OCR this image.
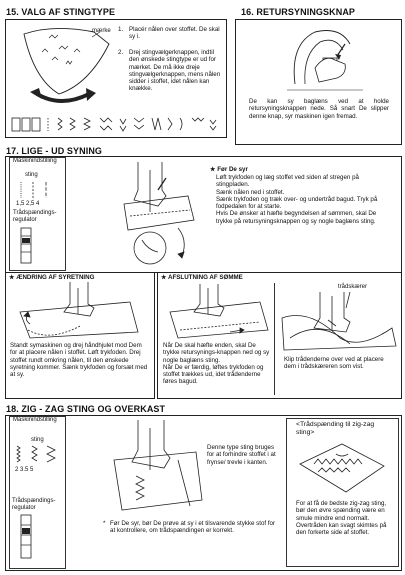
15. VALG AF STINGTYPE
mærke 1. Placér nålen over stoffet. De skal sy i.
2. Drej stingvælgerknappen, indtil den ønskede stingtype er ud for mærket. De må ikke dreje stingvælgerknappen, mens nålen sidder i stoffet, idet nålen kan knække.
16. RETURSYNINGSKNAP
De kan sy baglæns ved at holde retursyningsknappen nede. Så snart De slipper denne knap, syr maskinen igen fremad.
17. LIGE - UD SYNING
Maskinindstilling
sting
1,5 2,5 4
Trådspændings-
regulator
★ Før De syr
Løft trykfoden og læg stoffet ved siden af stregen på stingpladen.
Sænk nålen ned i stoffet.
Sænk trykfoden og træk over- og undertråd bagud. Tryk på fodpedalen for at starte.
Hvis De ønsker at hæfte begyndelsen af sømmen, skal De trykke på retursyningsknappen og sy nogle baglæns sting.
★ ÆNDRING AF SYRETNING
Standt symaskinen og drej håndhjulet mod Dem for at placere nålen i stoffet. Løft trykfoden. Drej stoffet rundt omkring nålen, til den ønskede syretning kommer. Sænk trykfoden og forsæt med at sy.
★ AFSLUTNING AF SØMME
Når De skal hæfte enden, skal De trykke retursynings-knappen ned og sy nogle baglæns sting.
Når De er færdig, løftes trykfoden og stoffet trækkes ud, idet trådenderne føres bagud.
trådskærer
Klip trådenderne over ved at placere dem i trådskæreren som vist.
18. ZIG - ZAG STING OG OVERKAST
Maskinindstilling
sting
2 3.5 5
Trådspændings-
regulator
Denne type sting bruges for at forhindre stoffet i at frynse/ trevle i kanten.
* Før De syr, bør De prøve at sy i et tilsvarende stykke stof for at kontrollere, om trådspændingen er korrekt.
<Trådspænding til zig-zag sting>
For at få de bedste zig-zag sting, bør den øvre spænding være en smule mindre end normalt. Overtråden kan svagt skimtes på den forkerte side af stoffet.
